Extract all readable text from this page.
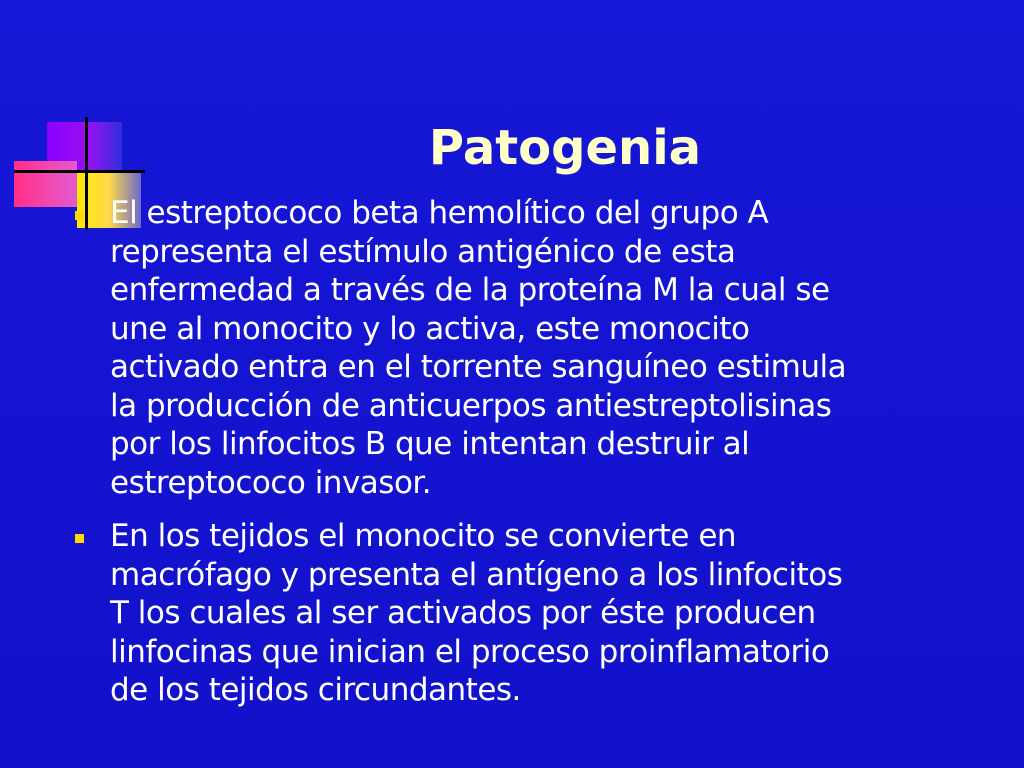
Patogenia
El estreptococo beta hemolítico del grupo A
representa el estímulo antigénico de esta
enfermedad a través de la proteína M la cual se
une al monocito y lo activa, este monocito
activado entra en el torrente sanguíneo estimula
la producción de anticuerpos antiestreptolisinas
por los linfocitos B que intentan destruir al
estreptococo invasor.
En los tejidos el monocito se convierte en
macrófago y presenta el antígeno a los linfocitos
T los cuales al ser activados por éste producen
linfocinas que inician el proceso proinflamatorio
de los tejidos circundantes.
